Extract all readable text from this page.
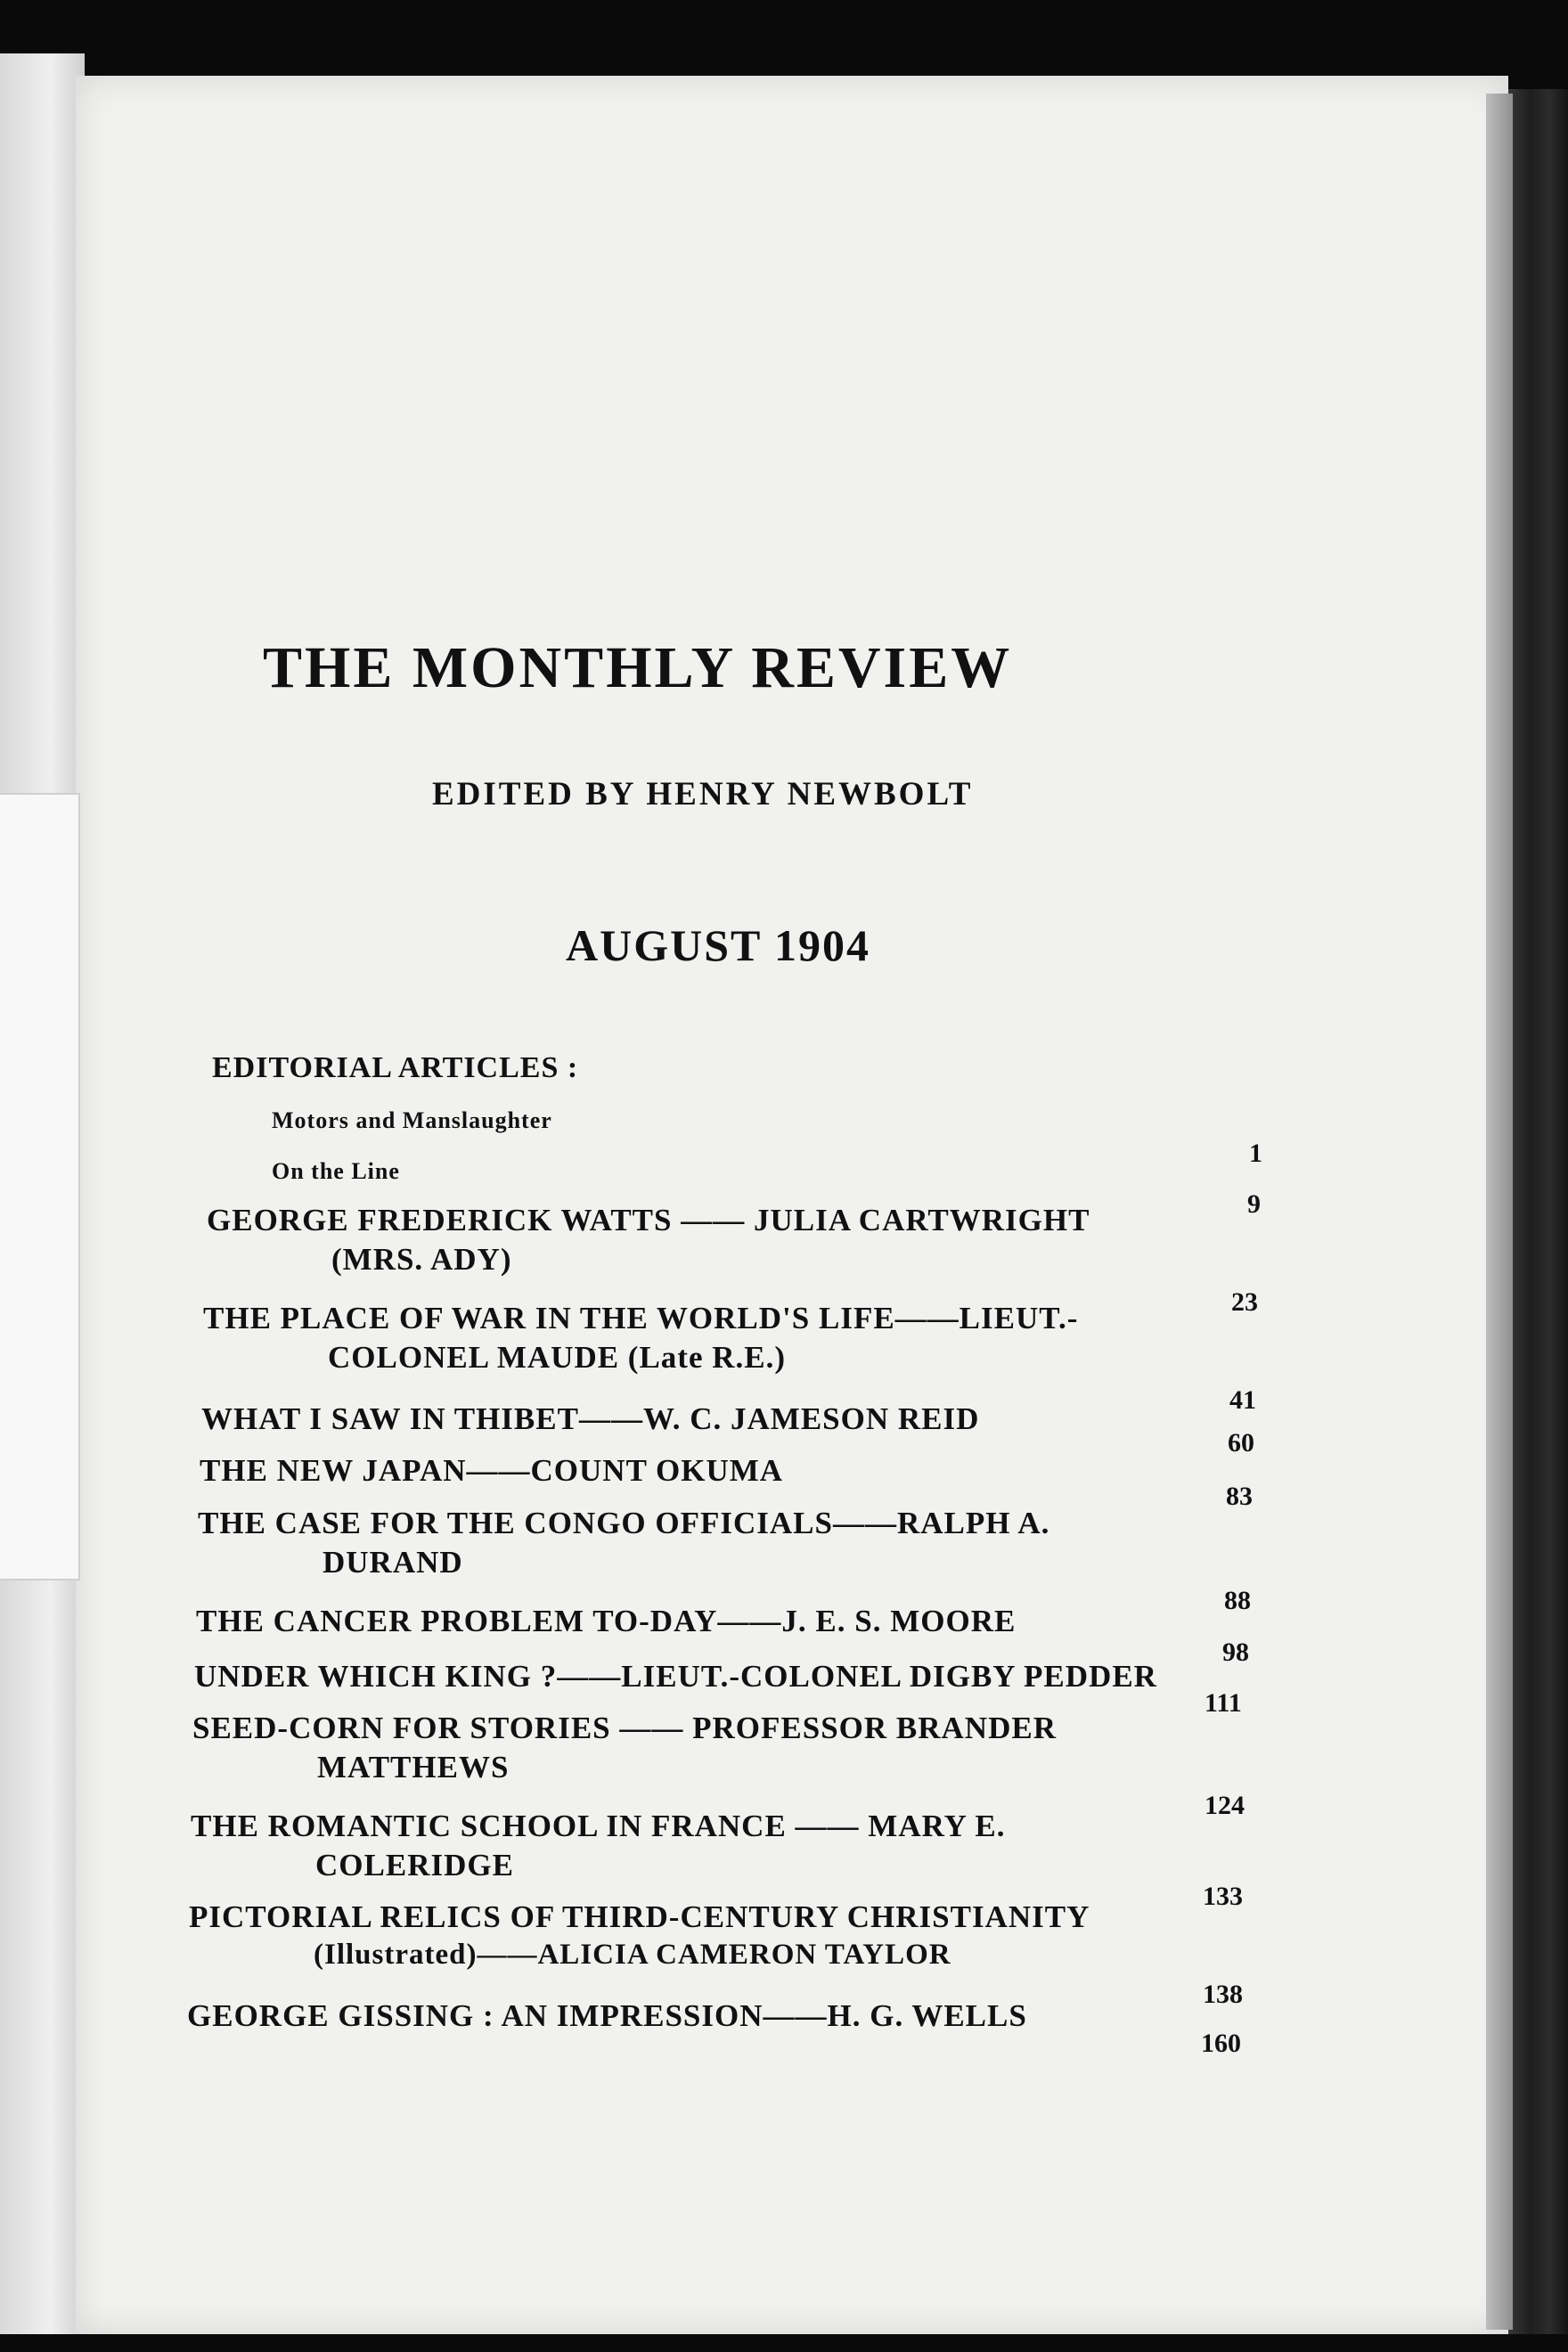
THE MONTHLY REVIEW
EDITED BY HENRY NEWBOLT
AUGUST 1904
EDITORIAL ARTICLES :
Motors and Manslaughter
1
On the Line
9
GEORGE FREDERICK WATTS —— JULIA CARTWRIGHT
(MRS. ADY)
23
THE PLACE OF WAR IN THE WORLD'S LIFE——LIEUT.-
COLONEL MAUDE (Late R.E.)
41
WHAT I SAW IN THIBET——W. C. JAMESON REID
60
THE NEW JAPAN——COUNT OKUMA
83
THE CASE FOR THE CONGO OFFICIALS——RALPH A.
DURAND
88
THE CANCER PROBLEM TO-DAY——J. E. S. MOORE
98
UNDER WHICH KING ?——LIEUT.-COLONEL DIGBY PEDDER
111
SEED-CORN FOR STORIES —— PROFESSOR BRANDER
MATTHEWS
124
THE ROMANTIC SCHOOL IN FRANCE —— MARY E.
COLERIDGE
133
PICTORIAL RELICS OF THIRD-CENTURY CHRISTIANITY
(Illustrated)——ALICIA CAMERON TAYLOR
138
GEORGE GISSING : AN IMPRESSION——H. G. WELLS
160
